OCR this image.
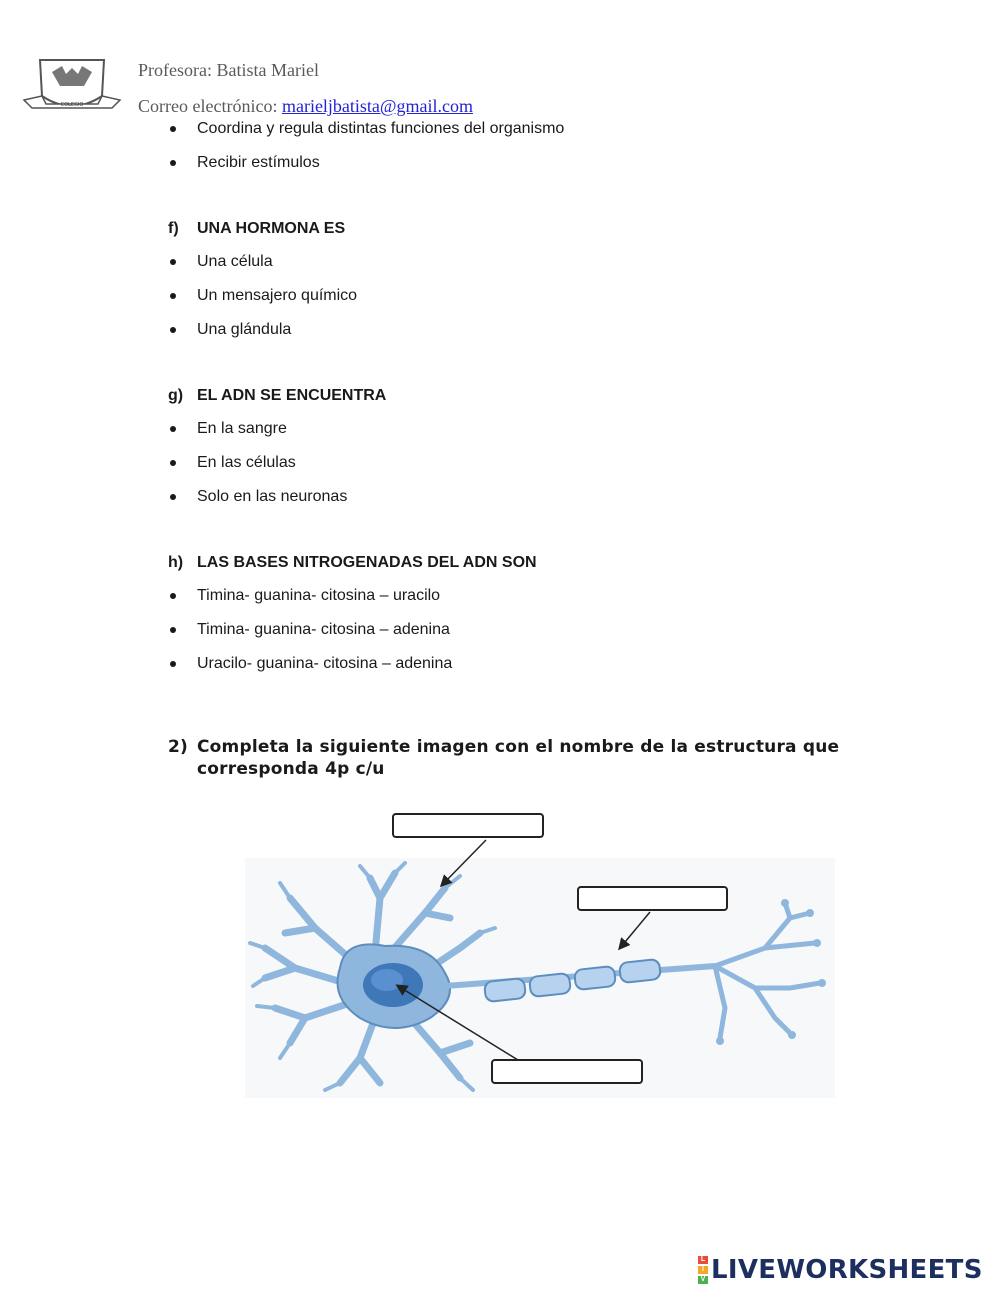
COLEGIO
Profesora: Batista Mariel
Correo electrónico: marieljbatista@gmail.com
Coordina y regula distintas funciones del organismo
Recibir estímulos
f) UNA HORMONA ES
Una célula
Un mensajero químico
Una glándula
g) EL ADN SE ENCUENTRA
En la sangre
En las células
Solo en las neuronas
h) LAS BASES NITROGENADAS DEL ADN SON
Timina- guanina- citosina – uracilo
Timina- guanina- citosina – adenina
Uracilo- guanina- citosina – adenina
2) Completa la siguiente imagen con el nombre de la estructura que corresponda 4p c/u
L
I
V LIVEWORKSHEETS
